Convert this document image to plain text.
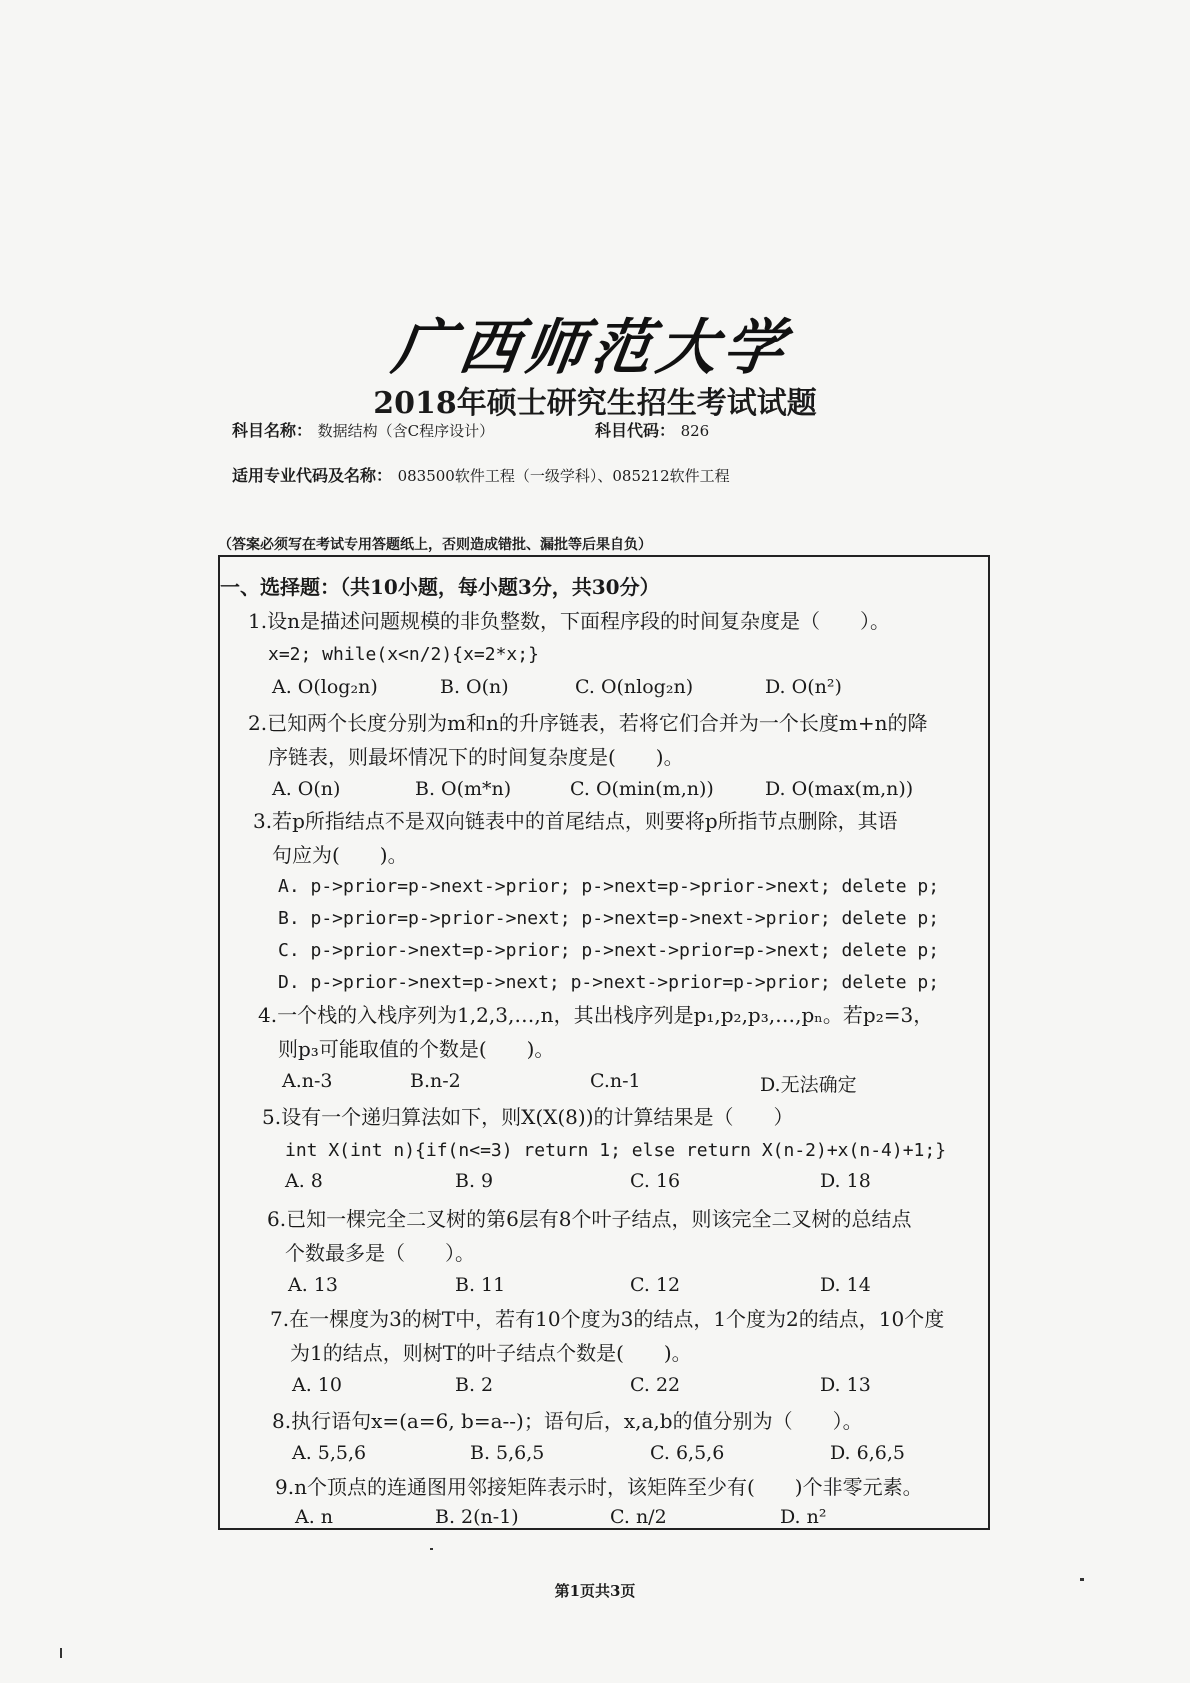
广西师范大学
2018年硕士研究生招生考试试题
科目名称： 数据结构（含C程序设计）	科目代码： 826
适用专业代码及名称： 083500软件工程（一级学科）、085212软件工程
（答案必须写在考试专用答题纸上，否则造成错批、漏批等后果自负）
一、选择题：（共10小题，每小题3分，共30分）
1.设n是描述问题规模的非负整数，下面程序段的时间复杂度是（　　）。
x=2; while(x<n/2){x=2*x;}
A. O(log₂n)	B. O(n)	C. O(nlog₂n)	D. O(n²)
2.已知两个长度分别为m和n的升序链表，若将它们合并为一个长度m+n的降
序链表，则最坏情况下的时间复杂度是(　　)。
A. O(n)	B. O(m*n)	C. O(min(m,n))	D. O(max(m,n))
3.若p所指结点不是双向链表中的首尾结点，则要将p所指节点删除，其语
句应为(　　)。
A. p->prior=p->next->prior; p->next=p->prior->next; delete p;
B. p->prior=p->prior->next; p->next=p->next->prior; delete p;
C. p->prior->next=p->prior; p->next->prior=p->next; delete p;
D. p->prior->next=p->next; p->next->prior=p->prior; delete p;
4.一个栈的入栈序列为1,2,3,…,n，其出栈序列是p₁,p₂,p₃,…,pₙ。若p₂=3，
则p₃可能取值的个数是(　　)。
A.n-3	B.n-2	C.n-1	D.无法确定
5.设有一个递归算法如下，则X(X(8))的计算结果是（　　）
int X(int n){if(n<=3) return 1; else return X(n-2)+x(n-4)+1;}
A. 8	B. 9	C. 16	D. 18
6.已知一棵完全二叉树的第6层有8个叶子结点，则该完全二叉树的总结点
个数最多是（　　）。
A. 13	B. 11	C. 12	D. 14
7.在一棵度为3的树T中，若有10个度为3的结点，1个度为2的结点，10个度
为1的结点，则树T的叶子结点个数是(　　)。
A. 10	B. 2	C. 22	D. 13
8.执行语句x=(a=6, b=a--)；语句后，x,a,b的值分别为（　　）。
A. 5,5,6	B. 5,6,5	C. 6,5,6	D. 6,6,5
9.n个顶点的连通图用邻接矩阵表示时，该矩阵至少有(　　)个非零元素。
A. n	B. 2(n-1)	C. n/2	D. n²
第1页共3页
